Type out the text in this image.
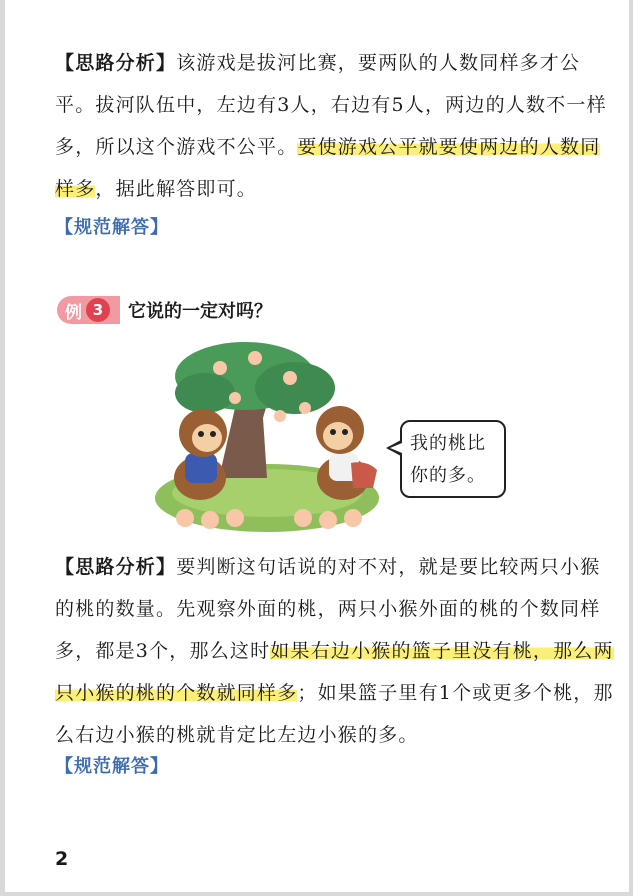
【思路分析】该游戏是拔河比赛，要两队的人数同样多才公平。拔河队伍中，左边有3人，右边有5人，两边的人数不一样多，所以这个游戏不公平。要使游戏公平就要使两边的人数同样多，据此解答即可。
【规范解答】
例 3	它说的一定对吗？
我的桃比
你的多。
【思路分析】要判断这句话说的对不对，就是要比较两只小猴的桃的数量。先观察外面的桃，两只小猴外面的桃的个数同样多，都是3个，那么这时如果右边小猴的篮子里没有桃，那么两只小猴的桃的个数就同样多；如果篮子里有1个或更多个桃，那么右边小猴的桃就肯定比左边小猴的多。
【规范解答】
2
